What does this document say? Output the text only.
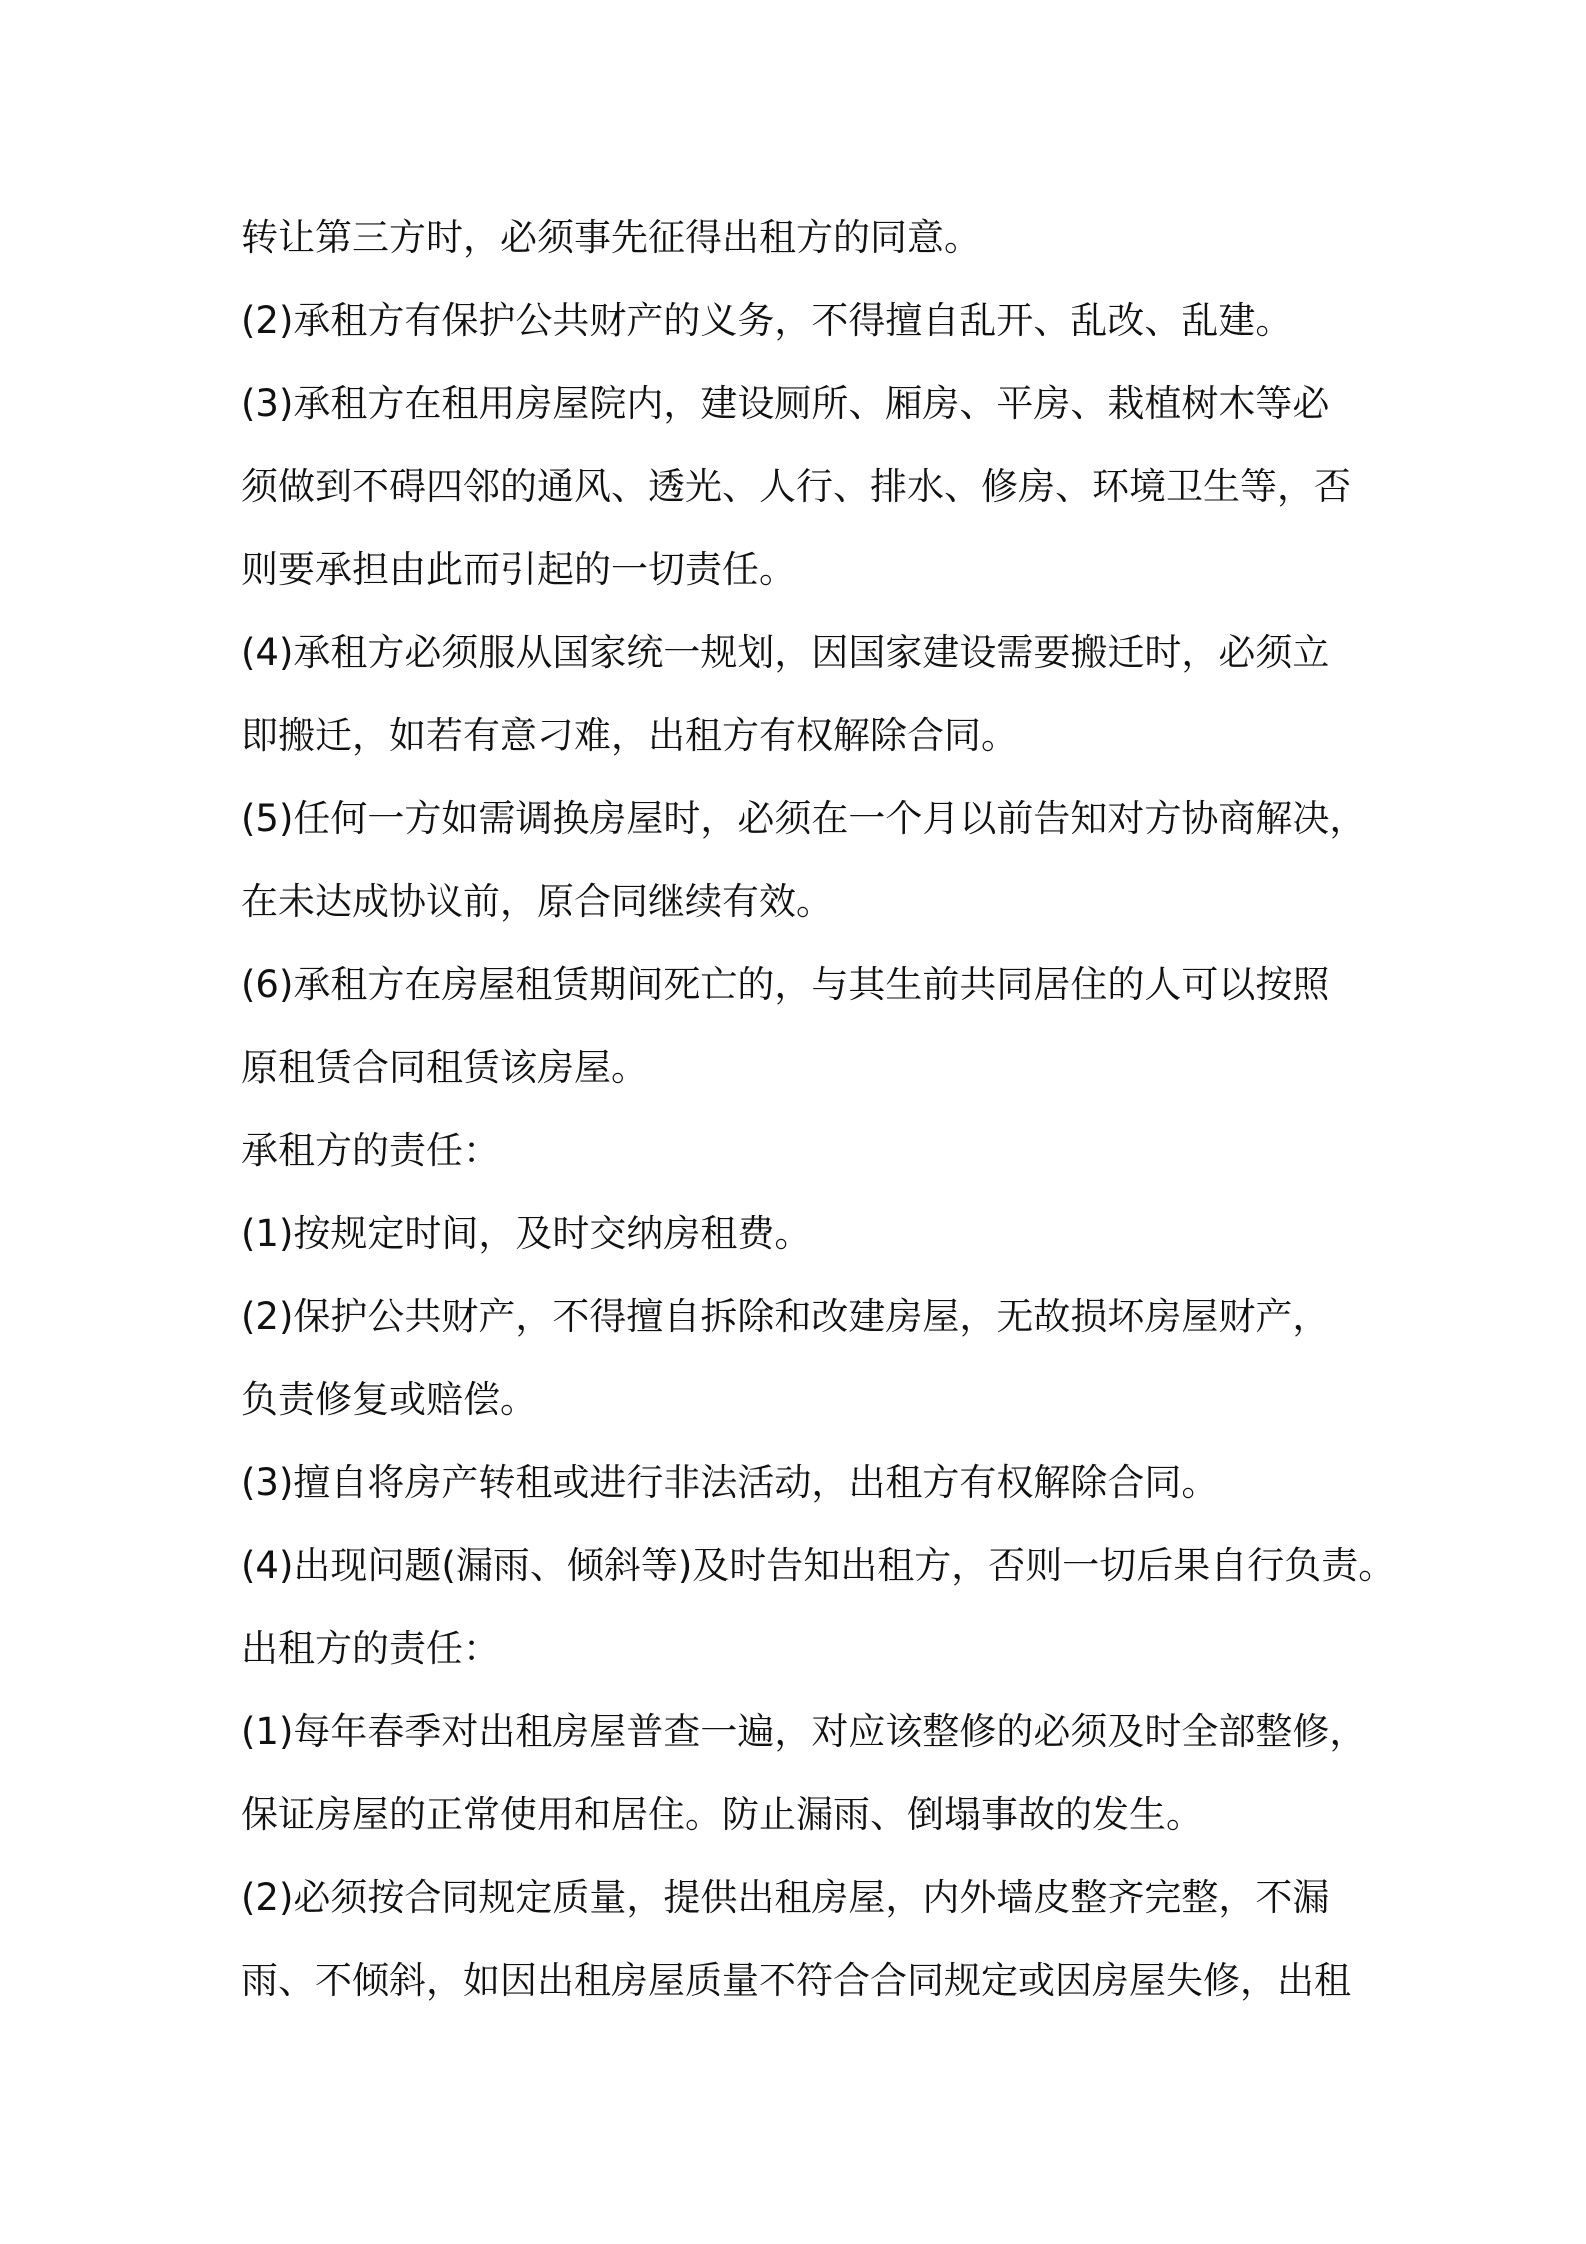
转让第三方时，必须事先征得出租方的同意。

(2)承租方有保护公共财产的义务，不得擅自乱开、乱改、乱建。

(3)承租方在租用房屋院内，建设厕所、厢房、平房、栽植树木等必

须做到不碍四邻的通风、透光、人行、排水、修房、环境卫生等，否

则要承担由此而引起的一切责任。

(4)承租方必须服从国家统一规划，因国家建设需要搬迁时，必须立

即搬迁，如若有意刁难，出租方有权解除合同。

(5)任何一方如需调换房屋时，必须在一个月以前告知对方协商解决，

在未达成协议前，原合同继续有效。

(6)承租方在房屋租赁期间死亡的，与其生前共同居住的人可以按照

原租赁合同租赁该房屋。

承租方的责任：

(1)按规定时间，及时交纳房租费。

(2)保护公共财产，不得擅自拆除和改建房屋，无故损坏房屋财产，

负责修复或赔偿。

(3)擅自将房产转租或进行非法活动，出租方有权解除合同。

(4)出现问题(漏雨、倾斜等)及时告知出租方，否则一切后果自行负责。

出租方的责任：

(1)每年春季对出租房屋普查一遍，对应该整修的必须及时全部整修，

保证房屋的正常使用和居住。防止漏雨、倒塌事故的发生。

(2)必须按合同规定质量，提供出租房屋，内外墙皮整齐完整，不漏

雨、不倾斜，如因出租房屋质量不符合合同规定或因房屋失修，出租
